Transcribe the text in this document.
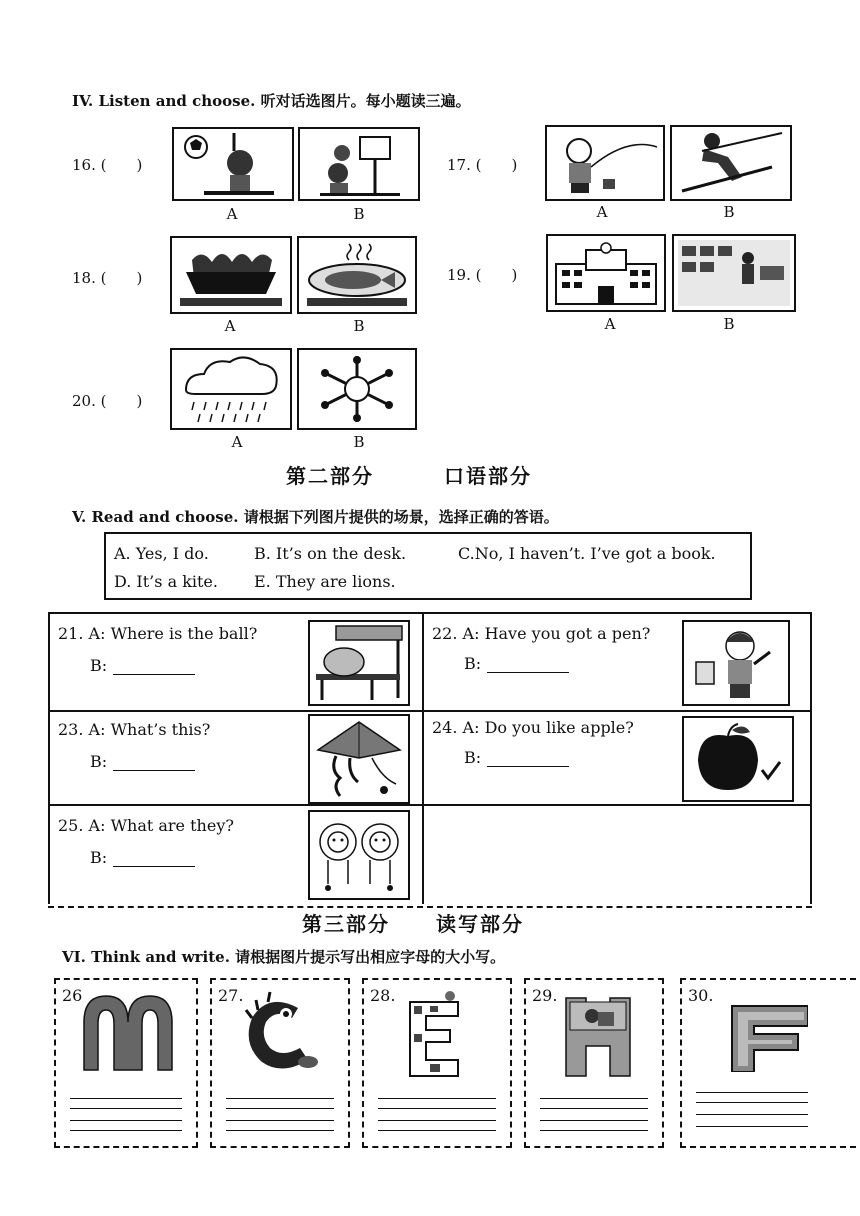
IV. Listen and choose. 听对话选图片。每小题读三遍。
16. ( )
A	B
17. ( )
A	B
18. ( )
A	B
19. ( )
A	B
20. ( )
A	B
第二部分	口语部分
V. Read and choose. 请根据下列图片提供的场景，选择正确的答语。
A. Yes, I do.	B. It’s on the desk.	C.No, I haven’t. I’ve got a book.
D. It’s a kite. E. They are lions.
21. A: Where is the ball?
B:
22. A: Have you got a pen?
B:
23. A: What’s this?
B:
24. A: Do you like apple?
B:
25. A: What are they?
B:
第三部分 读写部分
VI. Think and write. 请根据图片提示写出相应字母的大小写。
26	27.	28.	29.	30.
